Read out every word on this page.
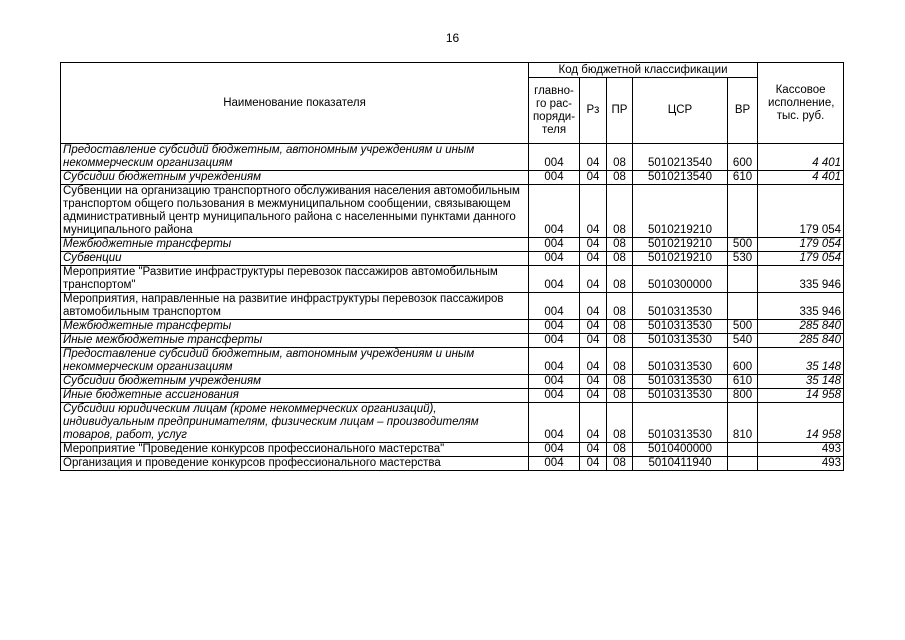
16
Наименование показателя	Код бюджетной классификации					Кассовое исполнение, тыс. руб.
	главно-го рас-поряди-теля	Рз	ПР	ЦСР	ВР	
Предоставление субсидий бюджетным, автономным учреждениям и иным некоммерческим организациям	004	04	08	5010213540	600	4 401
Субсидии бюджетным учреждениям	004	04	08	5010213540	610	4 401
Субвенции на организацию транспортного обслуживания населения автомобильным транспортом общего пользования в межмуниципальном сообщении, связывающем административный центр муниципального района с населенными пунктами данного муниципального района	004	04	08	5010219210		179 054
Межбюджетные трансферты	004	04	08	5010219210	500	179 054
Субвенции	004	04	08	5010219210	530	179 054
Мероприятие "Развитие инфраструктуры перевозок пассажиров автомобильным транспортом"	004	04	08	5010300000		335 946
Мероприятия, направленные на развитие инфраструктуры перевозок пассажиров автомобильным транспортом	004	04	08	5010313530		335 946
Межбюджетные трансферты	004	04	08	5010313530	500	285 840
Иные межбюджетные трансферты	004	04	08	5010313530	540	285 840
Предоставление субсидий бюджетным, автономным учреждениям и иным некоммерческим организациям	004	04	08	5010313530	600	35 148
Субсидии бюджетным учреждениям	004	04	08	5010313530	610	35 148
Иные бюджетные ассигнования	004	04	08	5010313530	800	14 958
Субсидии юридическим лицам (кроме некоммерческих организаций), индивидуальным предпринимателям, физическим лицам – производителям товаров, работ, услуг	004	04	08	5010313530	810	14 958
Мероприятие "Проведение конкурсов профессионального мастерства"	004	04	08	5010400000		493
Организация и проведение конкурсов профессионального мастерства	004	04	08	5010411940		493
